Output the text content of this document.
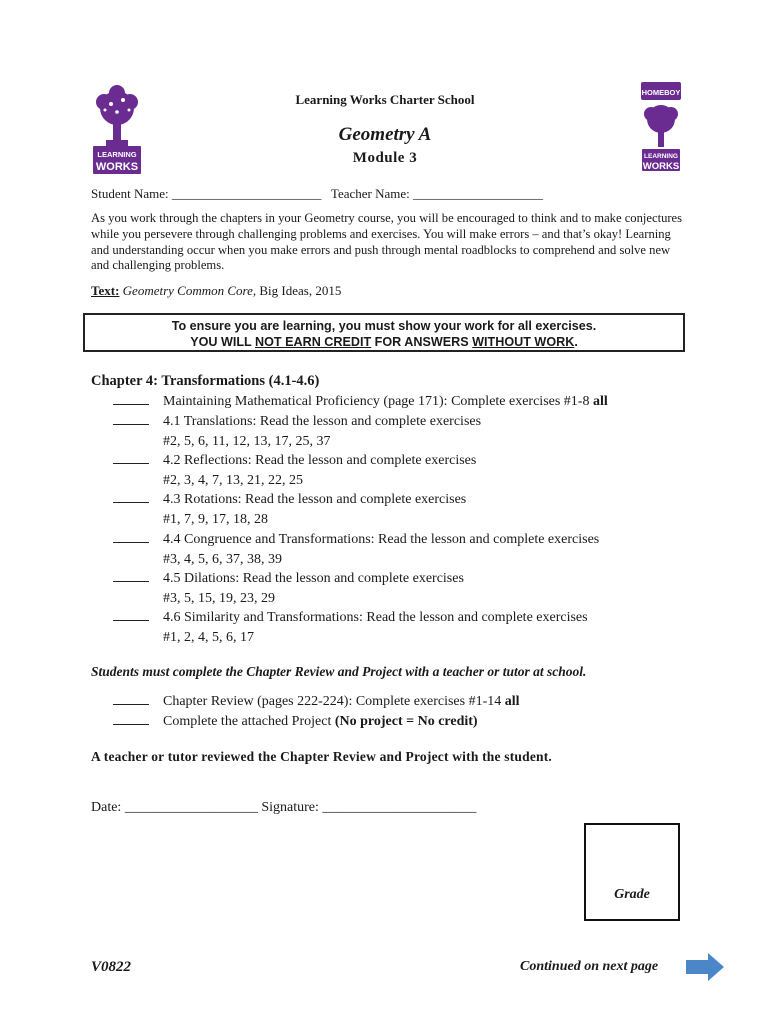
LEARNING
WORKS
HOMEBOY
LEARNING
WORKS
Learning Works Charter School
Geometry A
Module 3
Student Name: _______________________ Teacher Name: ____________________
As you work through the chapters in your Geometry course, you will be encouraged to think and to make conjectures while you persevere through challenging problems and exercises. You will make errors – and that’s okay! Learning and understanding occur when you make errors and push through mental roadblocks to comprehend and solve new and challenging problems.
Text: Geometry Common Core, Big Ideas, 2015
To ensure you are learning, you must show your work for all exercises.
YOU WILL NOT EARN CREDIT FOR ANSWERS WITHOUT WORK.
Chapter 4: Transformations (4.1-4.6)
Maintaining Mathematical Proficiency (page 171): Complete exercises #1-8 all
4.1 Translations: Read the lesson and complete exercises
#2, 5, 6, 11, 12, 13, 17, 25, 37
4.2 Reflections: Read the lesson and complete exercises
#2, 3, 4, 7, 13, 21, 22, 25
4.3 Rotations: Read the lesson and complete exercises
#1, 7, 9, 17, 18, 28
4.4 Congruence and Transformations: Read the lesson and complete exercises
#3, 4, 5, 6, 37, 38, 39
4.5 Dilations: Read the lesson and complete exercises
#3, 5, 15, 19, 23, 29
4.6 Similarity and Transformations: Read the lesson and complete exercises
#1, 2, 4, 5, 6, 17
Students must complete the Chapter Review and Project with a teacher or tutor at school.
Chapter Review (pages 222-224): Complete exercises #1-14 all
Complete the attached Project (No project = No credit)
A teacher or tutor reviewed the Chapter Review and Project with the student.
Date: ___________________ Signature: ______________________
Grade
V0822	Continued on next page
